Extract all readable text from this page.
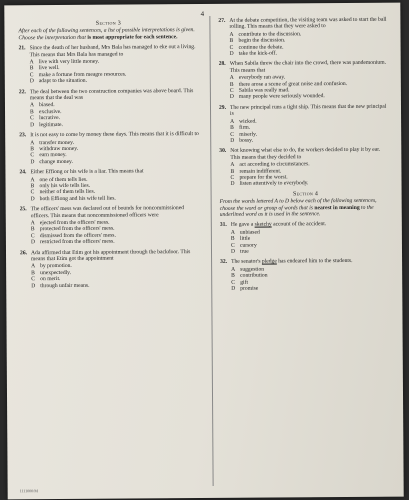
4
Section 3
After each of the following sentences, a list of possible interpretations is given. Choose the interpretation that is most appropriate for each sentence.
21. Since the death of her husband, Mrs Bala has managed to eke out a living. This means that Mrs Bala has managed to
A live with very little money.
B live well.
C make a fortune from meagre resources.
D adapt to the situation.
22. The deal between the two construction companies was above board. This means that the deal was
A biased.
B exclusive.
C lucrative.
D legitimate.
23. It is not easy to come by money these days. This means that it is difficult to
A transfer money.
B withdraw money.
C earn money.
D change money.
24. Either Effiong or his wife is a liar. This means that
A one of them tells lies.
B only his wife tells lies.
C neither of them tells lies.
D both Effiong and his wife tell lies.
25. The officers' mess was declared out of bounds for noncommissioned officers. This means that noncommissioned officers were
A ejected from the officers' mess.
B protected from the officers' mess.
C dismissed from the officers' mess.
D restricted from the officers' mess.
26. Ada affirmed that Etim got his appointment through the backdoor. This means that Etim got the appointment
A by promotion.
B unexpectedly.
C on merit.
D through unfair means.
27. At the debate competition, the visiting team was asked to start the ball rolling. This means that they were asked to
A contribute to the discussion.
B begin the discussion.
C continue the debate.
D take the kick-off.
28. When Sabila threw the chair into the crowd, there was pandemonium. This means that
A everybody ran away.
B there arose a scene of great noise and confusion.
C Sabila was really mad.
D many people were seriously wounded.
29. The new principal runs a tight ship. This means that the new principal is
A wicked.
B firm.
C miserly.
D bossy.
30. Not knowing what else to do, the workers decided to play it by ear. This means that they decided to
A act according to circumstances.
B remain indifferent.
C prepare for the worst.
D listen attentively to everybody.
Section 4
From the words lettered A to D below each of the following sentences, choose the word or group of words that is nearest in meaning to the underlined word as it is used in the sentence.
31. He gave a sketchy account of the accident.
A unbiased
B little
C cursory
D true
32. The senator's pledge has endeared him to the students.
A suggestion
B contribution
C gift
D promise
1111000/M
